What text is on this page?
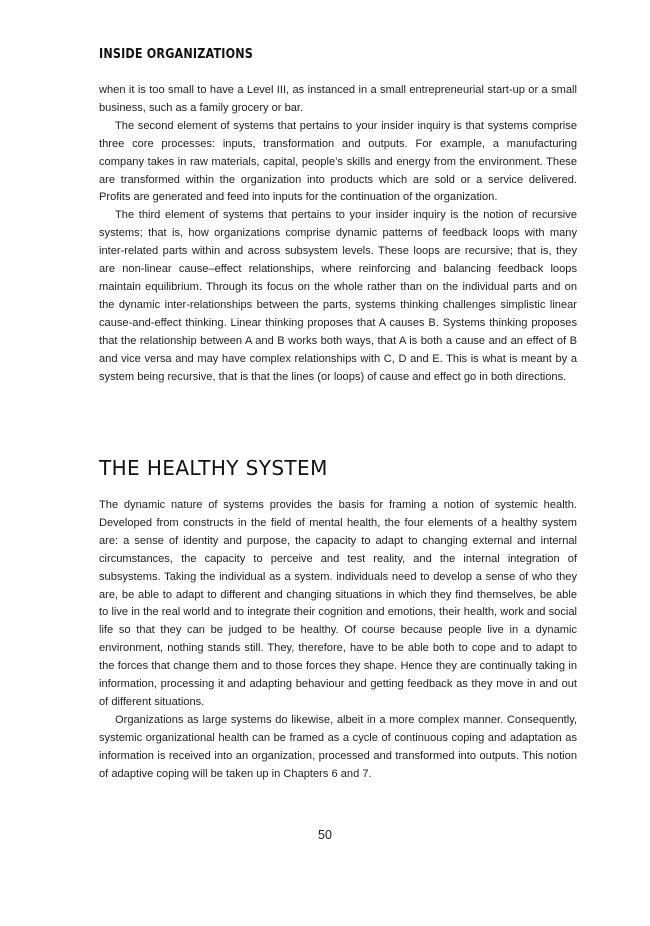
INSIDE ORGANIZATIONS

when it is too small to have a Level III, as instanced in a small entrepreneurial start-up or a small business, such as a family grocery or bar.

The second element of systems that pertains to your insider inquiry is that systems comprise three core processes: inputs, transformation and outputs. For example, a manufacturing company takes in raw materials, capital, people’s skills and energy from the environment. These are transformed within the organization into products which are sold or a service delivered. Profits are generated and feed into inputs for the continuation of the organization.

The third element of systems that pertains to your insider inquiry is the notion of recursive systems; that is, how organizations comprise dynamic patterns of feedback loops with many inter-related parts within and across subsystem levels. These loops are recursive; that is, they are non-linear cause–effect relationships, where reinforcing and balancing feedback loops maintain equilibrium. Through its focus on the whole rather than on the individual parts and on the dynamic inter-relationships between the parts, systems thinking challenges simplistic linear cause-and-effect thinking. Linear thinking proposes that A causes B. Systems thinking proposes that the relationship between A and B works both ways, that A is both a cause and an effect of B and vice versa and may have complex relationships with C, D and E. This is what is meant by a system being recursive, that is that the lines (or loops) of cause and effect go in both directions.

THE HEALTHY SYSTEM

The dynamic nature of systems provides the basis for framing a notion of systemic health. Developed from constructs in the field of mental health, the four elements of a healthy system are: a sense of identity and purpose, the capacity to adapt to changing external and internal circumstances, the capacity to perceive and test reality, and the internal integration of subsystems. Taking the individual as a system. individuals need to develop a sense of who they are, be able to adapt to different and changing situations in which they find themselves, be able to live in the real world and to integrate their cognition and emotions, their health, work and social life so that they can be judged to be healthy. Of course because people live in a dynamic environment, nothing stands still. They, therefore, have to be able both to cope and to adapt to the forces that change them and to those forces they shape. Hence they are continually taking in information, processing it and adapting behaviour and getting feedback as they move in and out of different situations.

Organizations as large systems do likewise, albeit in a more complex manner. Consequently, systemic organizational health can be framed as a cycle of continuous coping and adaptation as information is received into an organization, processed and transformed into outputs. This notion of adaptive coping will be taken up in Chapters 6 and 7.

50
